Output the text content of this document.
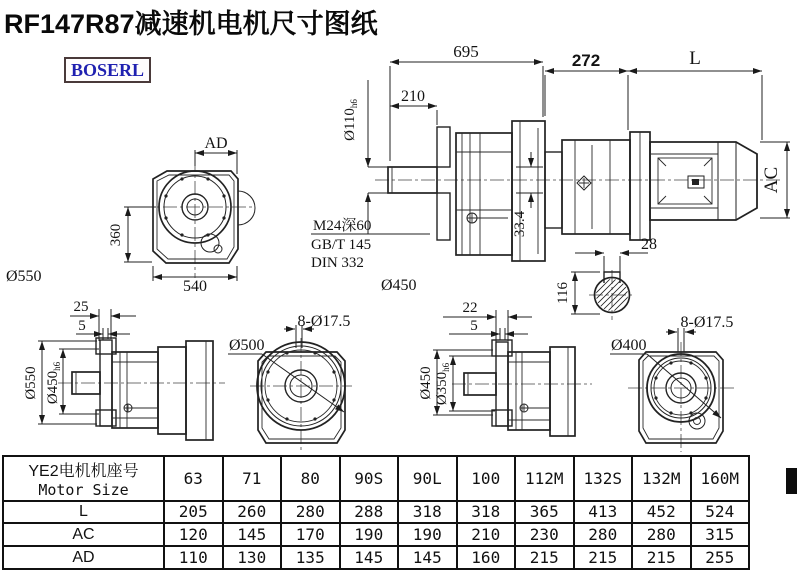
RF147R87减速机电机尺寸图纸
BOSERL
AD
360
540
Ø550
695	272	L
AC
210
$Ø110_{h6}$
M24深60
GB/T 145
DIN 332
33.4
Ø450
28
116
25
5
Ø550 $Ø450_{h6}$
8-Ø17.5
Ø500
22
5
Ø450 $Ø350_{h6}$
8-Ø17.5
Ø400
YE2电机机座号
Motor Size	63	71	80	90S	90L	100	112M	132S	132M	160M
L	205	260	280	288	318	318	365	413	452	524
AC	120	145	170	190	190	210	230	280	280	315
AD	110	130	135	145	145	160	215	215	215	255
